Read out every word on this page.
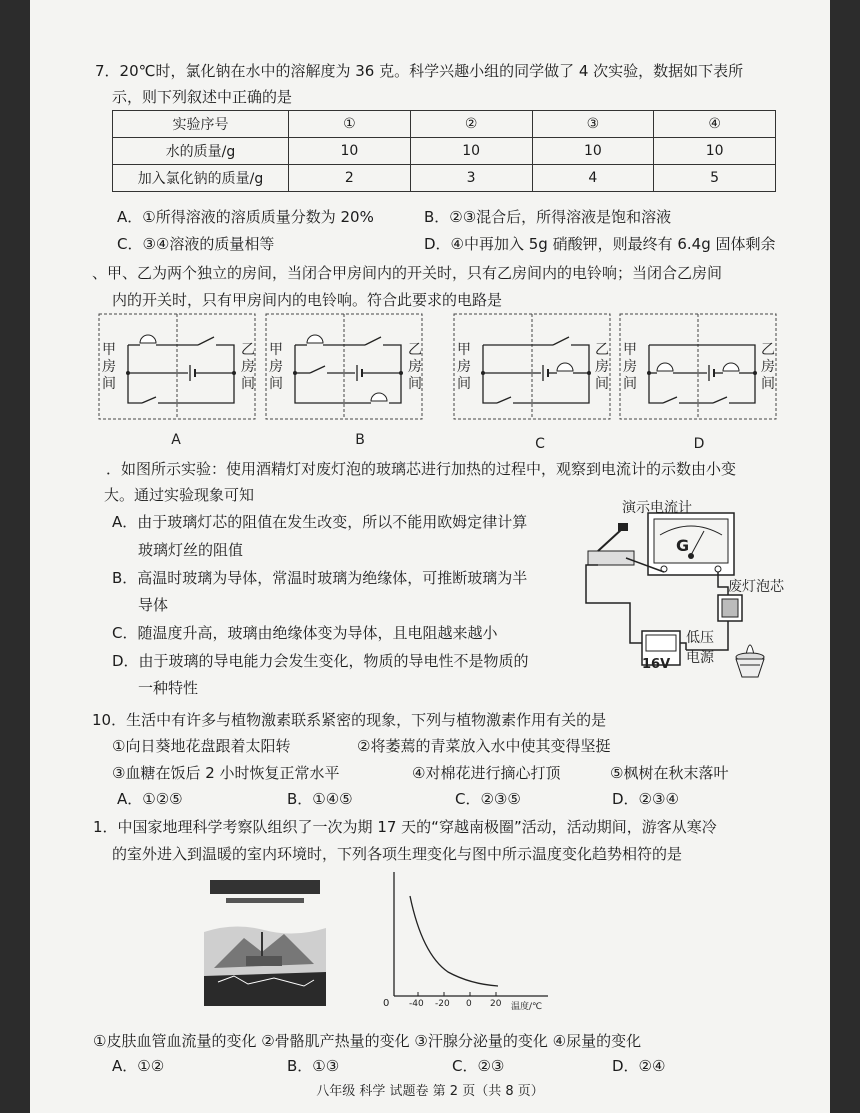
7．20℃时，氯化钠在水中的溶解度为 36 克。科学兴趣小组的同学做了 4 次实验，数据如下表所
示，则下列叙述中正确的是
实验序号	①	②	③	④
水的质量/g	10	10	10	10
加入氯化钠的质量/g	2	3	4	5
A．①所得溶液的溶质质量分数为 20%	B．②③混合后，所得溶液是饱和溶液
C．③④溶液的质量相等	D．④中再加入 5g 硝酸钾，则最终有 6.4g 固体剩余
、甲、乙为两个独立的房间，当闭合甲房间内的开关时，只有乙房间内的电铃响；当闭合乙房间
内的开关时，只有甲房间内的电铃响。符合此要求的电路是
甲
房
间
乙
房
间
甲
房
间
乙
房
间
甲
房
间
乙
房
间
甲
房
间
乙
房
间
A	B	C	D
．如图所示实验：使用酒精灯对废灯泡的玻璃芯进行加热的过程中，观察到电流计的示数由小变
大。通过实验现象可知
A．由于玻璃灯芯的阻值在发生改变，所以不能用欧姆定律计算
玻璃灯丝的阻值
B．高温时玻璃为导体，常温时玻璃为绝缘体，可推断玻璃为半
导体
C．随温度升高，玻璃由绝缘体变为导体，且电阻越来越小
D．由于玻璃的导电能力会发生变化，物质的导电性不是物质的
一种特性
演示电流计
G
废灯泡芯
低压
电源
16V
10．生活中有许多与植物激素联系紧密的现象，下列与植物激素作用有关的是
①向日葵地花盘跟着太阳转	②将萎蔫的青菜放入水中使其变得坚挺
③血糖在饭后 2 小时恢复正常水平	④对棉花进行摘心打顶	⑤枫树在秋末落叶
A．①②⑤	B．①④⑤	C．②③⑤	D．②③④
1．中国家地理科学考察队组织了一次为期 17 天的“穿越南极圈”活动，活动期间，游客从寒冷
的室外进入到温暖的室内环境时，下列各项生理变化与图中所示温度变化趋势相符的是
0 -40 -20 0 20 温度/℃
①皮肤血管血流量的变化 ②骨骼肌产热量的变化 ③汗腺分泌量的变化 ④尿量的变化
A．①②	B．①③	C．②③	D．②④
八年级 科学 试题卷 第 2 页（共 8 页）
